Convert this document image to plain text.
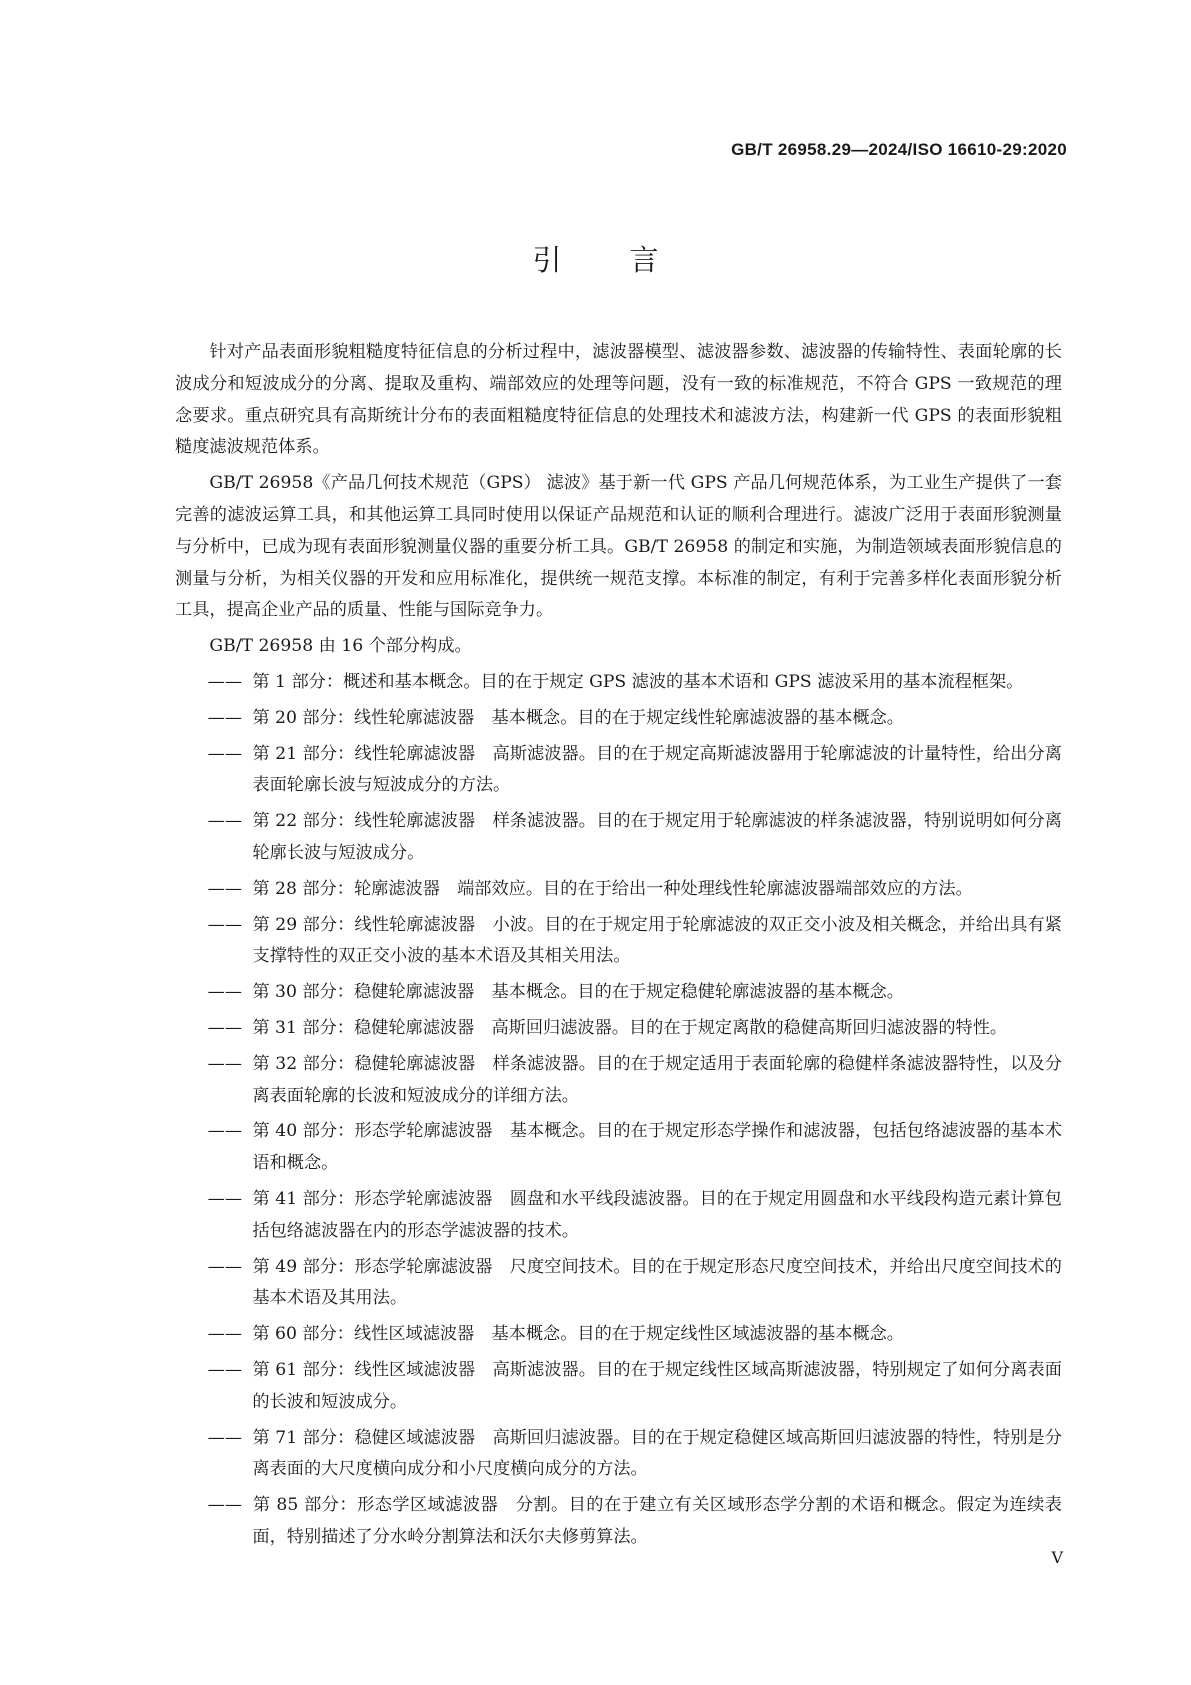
GB/T 26958.29—2024/ISO 16610-29:2020
引言

针对产品表面形貌粗糙度特征信息的分析过程中，滤波器模型、滤波器参数、滤波器的传输特性、表面轮廓的长波成分和短波成分的分离、提取及重构、端部效应的处理等问题，没有一致的标准规范，不符合 GPS 一致规范的理念要求。重点研究具有高斯统计分布的表面粗糙度特征信息的处理技术和滤波方法，构建新一代 GPS 的表面形貌粗糙度滤波规范体系。

GB/T 26958《产品几何技术规范（GPS） 滤波》基于新一代 GPS 产品几何规范体系，为工业生产提供了一套完善的滤波运算工具，和其他运算工具同时使用以保证产品规范和认证的顺利合理进行。滤波广泛用于表面形貌测量与分析中，已成为现有表面形貌测量仪器的重要分析工具。GB/T 26958 的制定和实施，为制造领域表面形貌信息的测量与分析，为相关仪器的开发和应用标准化，提供统一规范支撑。本标准的制定，有利于完善多样化表面形貌分析工具，提高企业产品的质量、性能与国际竞争力。

GB/T 26958 由 16 个部分构成。

—— 第 1 部分：概述和基本概念。目的在于规定 GPS 滤波的基本术语和 GPS 滤波采用的基本流程框架。
—— 第 20 部分：线性轮廓滤波器　基本概念。目的在于规定线性轮廓滤波器的基本概念。
—— 第 21 部分：线性轮廓滤波器　高斯滤波器。目的在于规定高斯滤波器用于轮廓滤波的计量特性，给出分离表面轮廓长波与短波成分的方法。
—— 第 22 部分：线性轮廓滤波器　样条滤波器。目的在于规定用于轮廓滤波的样条滤波器，特别说明如何分离轮廓长波与短波成分。
—— 第 28 部分：轮廓滤波器　端部效应。目的在于给出一种处理线性轮廓滤波器端部效应的方法。
—— 第 29 部分：线性轮廓滤波器　小波。目的在于规定用于轮廓滤波的双正交小波及相关概念，并给出具有紧支撑特性的双正交小波的基本术语及其相关用法。
—— 第 30 部分：稳健轮廓滤波器　基本概念。目的在于规定稳健轮廓滤波器的基本概念。
—— 第 31 部分：稳健轮廓滤波器　高斯回归滤波器。目的在于规定离散的稳健高斯回归滤波器的特性。
—— 第 32 部分：稳健轮廓滤波器　样条滤波器。目的在于规定适用于表面轮廓的稳健样条滤波器特性，以及分离表面轮廓的长波和短波成分的详细方法。
—— 第 40 部分：形态学轮廓滤波器　基本概念。目的在于规定形态学操作和滤波器，包括包络滤波器的基本术语和概念。
—— 第 41 部分：形态学轮廓滤波器　圆盘和水平线段滤波器。目的在于规定用圆盘和水平线段构造元素计算包括包络滤波器在内的形态学滤波器的技术。
—— 第 49 部分：形态学轮廓滤波器　尺度空间技术。目的在于规定形态尺度空间技术，并给出尺度空间技术的基本术语及其用法。
—— 第 60 部分：线性区域滤波器　基本概念。目的在于规定线性区域滤波器的基本概念。
—— 第 61 部分：线性区域滤波器　高斯滤波器。目的在于规定线性区域高斯滤波器，特别规定了如何分离表面的长波和短波成分。
—— 第 71 部分：稳健区域滤波器　高斯回归滤波器。目的在于规定稳健区域高斯回归滤波器的特性，特别是分离表面的大尺度横向成分和小尺度横向成分的方法。
—— 第 85 部分：形态学区域滤波器　分割。目的在于建立有关区域形态学分割的术语和概念。假定为连续表面，特别描述了分水岭分割算法和沃尔夫修剪算法。
V
